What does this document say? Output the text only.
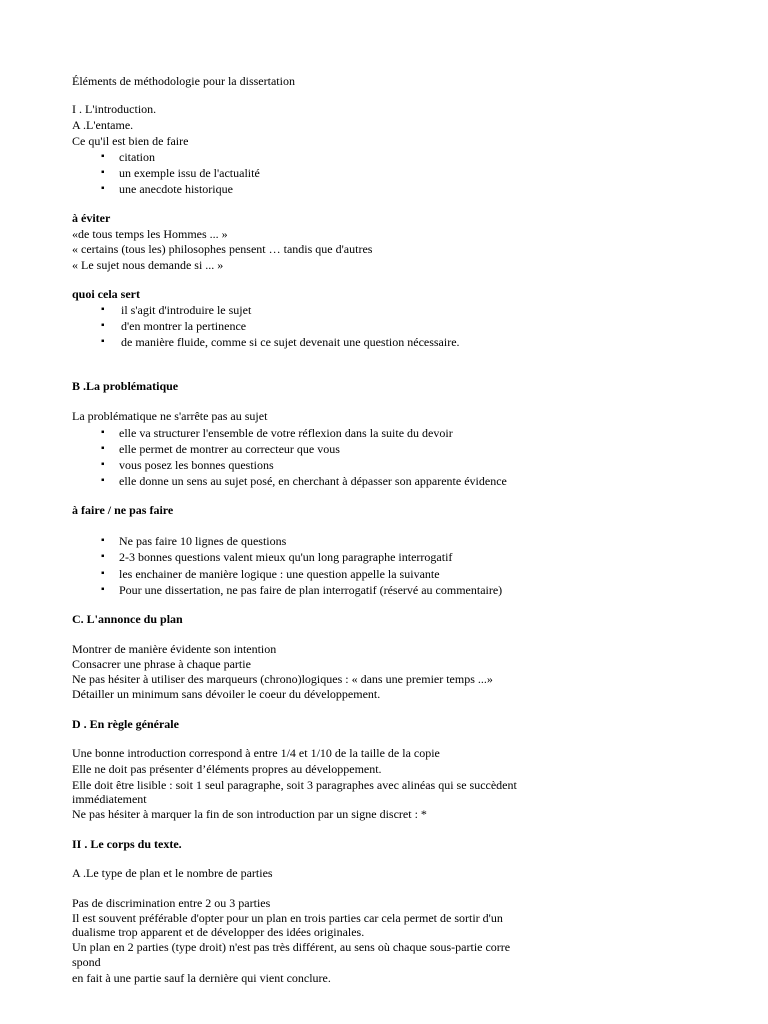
Éléments de méthodologie pour la dissertation
I . L'introduction.
A .L'entame.
Ce qu'il est bien de faire
▪ citation
▪ un exemple issu de l'actualité
▪ une anecdote historique
à éviter
«de tous temps les Hommes ... »
« certains (tous les) philosophes pensent … tandis que d'autres
« Le sujet nous demande si ... »
quoi cela sert
▪ il s'agit d'introduire le sujet
▪ d'en montrer la pertinence
▪ de manière fluide, comme si ce sujet devenait une question nécessaire.
B .La problématique
La problématique ne s'arrête pas au sujet
▪ elle va structurer l'ensemble de votre réflexion dans la suite du devoir
▪ elle permet de montrer au correcteur que vous
▪ vous posez les bonnes questions
▪ elle donne un sens au sujet posé, en cherchant à dépasser son apparente évidence
à faire / ne pas faire
▪ Ne pas faire 10 lignes de questions
▪ 2-3 bonnes questions valent mieux qu'un long paragraphe interrogatif
▪ les enchainer de manière logique : une question appelle la suivante
▪ Pour une dissertation, ne pas faire de plan interrogatif (réservé au commentaire)
C. L'annonce du plan
Montrer de manière évidente son intention
Consacrer une phrase à chaque partie
Ne pas hésiter à utiliser des marqueurs (chrono)logiques : « dans une premier temps ...»
Détailler un minimum sans dévoiler le coeur du développement.
D . En règle générale
Une bonne introduction correspond à entre 1/4 et 1/10 de la taille de la copie
Elle ne doit pas présenter d’éléments propres au développement.
Elle doit être lisible : soit 1 seul paragraphe, soit 3 paragraphes avec alinéas qui se succèdent
immédiatement
Ne pas hésiter à marquer la fin de son introduction par un signe discret : *
II . Le corps du texte.
A .Le type de plan et le nombre de parties
Pas de discrimination entre 2 ou 3 parties
Il est souvent préférable d'opter pour un plan en trois parties car cela permet de sortir d'un
dualisme trop apparent et de développer des idées originales.
Un plan en 2 parties (type droit) n'est pas très différent, au sens où chaque sous-partie corre
spond
en fait à une partie sauf la dernière qui vient conclure.
